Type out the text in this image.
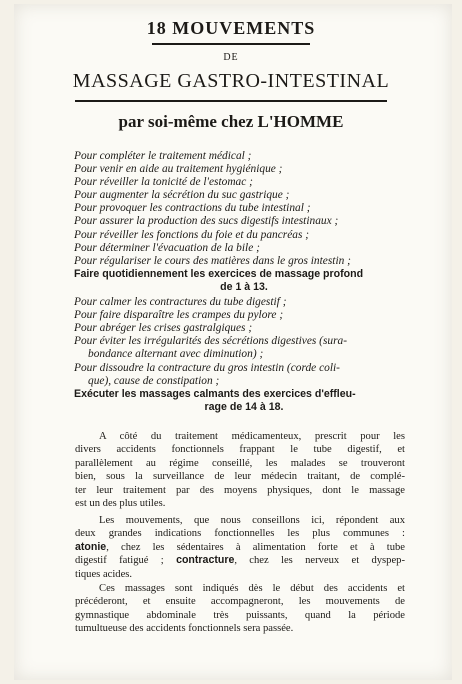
18 MOUVEMENTS
DE
MASSAGE GASTRO-INTESTINAL
par soi-même chez L'HOMME
Pour compléter le traitement médical ;
Pour venir en aide au traitement hygiénique ;
Pour réveiller la tonicité de l'estomac ;
Pour augmenter la sécrétion du suc gastrique ;
Pour provoquer les contractions du tube intestinal ;
Pour assurer la production des sucs digestifs intestinaux ;
Pour réveiller les fonctions du foie et du pancréas ;
Pour déterminer l'évacuation de la bile ;
Pour régulariser le cours des matières dans le gros intestin ;
Faire quotidiennement les exercices de massage profond
de 1 à 13.
Pour calmer les contractures du tube digestif ;
Pour faire disparaître les crampes du pylore ;
Pour abréger les crises gastralgiques ;
Pour éviter les irrégularités des sécrétions digestives (sura-
bondance alternant avec diminution) ;
Pour dissoudre la contracture du gros intestin (corde coli-
que), cause de constipation ;
Exécuter les massages calmants des exercices d'effleu-
rage de 14 à 18.
A côté du traitement médicamenteux, prescrit pour les
divers accidents fonctionnels frappant le tube digestif, et
parallèlement au régime conseillé, les malades se trouveront
bien, sous la surveillance de leur médecin traitant, de complé-
ter leur traitement par des moyens physiques, dont le massage
est un des plus utiles.
Les mouvements, que nous conseillons ici, répondent aux
deux grandes indications fonctionnelles les plus communes :
atonie, chez les sédentaires à alimentation forte et à tube
digestif fatigué ; contracture, chez les nerveux et dyspep-
tiques acides.
Ces massages sont indiqués dès le début des accidents et
précéderont, et ensuite accompagneront, les mouvements de
gymnastique abdominale très puissants, quand la période
tumultueuse des accidents fonctionnels sera passée.
